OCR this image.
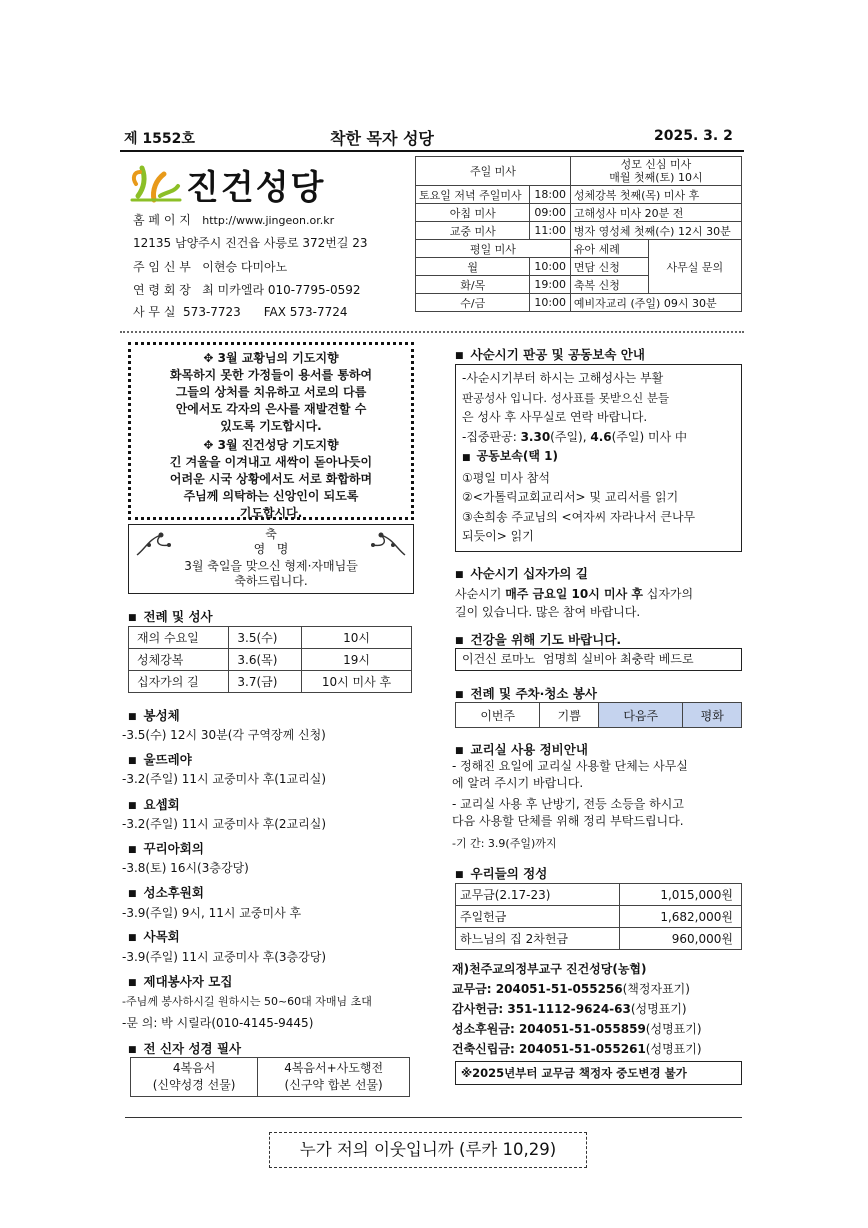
제 1552호	착한 목자 성당	2025. 3. 2
진건성당
홈 페 이 지 http://www.jingeon.or.kr
12135 남양주시 진건읍 사릉로 372번길 23
주 임 신 부 이현승 다미아노
연 령 회 장 최 미카엘라 010-7795-0592
사 무 실 573-7723 FAX 573-7724
주일 미사		성모 신심 미사
매월 첫째(토) 10시	
토요일 저녁 주일미사	18:00	성체강복 첫째(목) 미사 후	
아침 미사	09:00	고해성사 미사 20분 전	
교중 미사	11:00	병자 영성체 첫째(수) 12시 30분	
평일 미사		유아 세례	사무실 문의
월	10:00	면담 신청	
화/목	19:00	축복 신청	
수/금	10:00	예비자교리 (주일) 09시 30분	
✥ 3월 교황님의 기도지향
화목하지 못한 가정들이 용서를 통하여
그들의 상처를 치유하고 서로의 다름
안에서도 각자의 은사를 재발견할 수
있도록 기도합시다.
✥ 3월 진건성당 기도지향
긴 겨울을 이겨내고 새싹이 돋아나듯이
어려운 시국 상황에서도 서로 화합하며
주님께 의탁하는 신앙인이 되도록
기도합시다.
축
영   명
3월 축일을 맞으신 형제·자매님들
축하드립니다.
■ 전례 및 성사
재의 수요일	3.5(수)	10시
성체강복	3.6(목)	19시
십자가의 길	3.7(금)	10시 미사 후
■ 봉성체
-3.5(수) 12시 30분(각 구역장께 신청)
■ 울뜨레야
-3.2(주일) 11시 교중미사 후(1교리실)
■ 요셉회
-3.2(주일) 11시 교중미사 후(2교리실)
■ 꾸리아회의
-3.8(토) 16시(3층강당)
■ 성소후원회
-3.9(주일) 9시, 11시 교중미사 후
■ 사목회
-3.9(주일) 11시 교중미사 후(3층강당)
■ 제대봉사자 모집
-주님께 봉사하시길 원하시는 50~60대 자매님 초대
-문 의: 박 시릴라(010-4145-9445)
■ 전 신자 성경 필사
4복음서
(신약성경 선물)

4복음서+사도행전
(신구약 합본 선물)
■ 사순시기 판공 및 공동보속 안내
-사순시기부터 하시는 고해성사는 부활
판공성사 입니다. 성사표를 못받으신 분들
은 성사 후 사무실로 연락 바랍니다.
-집중판공: 3.30(주일), 4.6(주일) 미사 中
■ 공동보속(택 1)
①평일 미사 참석
②<가톨릭교회교리서> 및 교리서를 읽기
③손희송 주교님의 <여자씨 자라나서 큰나무
되듯이> 읽기
■ 사순시기 십자가의 길
사순시기 매주 금요일 10시 미사 후 십자가의
길이 있습니다. 많은 참여 바랍니다.
■ 건강을 위해 기도 바랍니다.
이건신 로마노  엄명희 실비아 최충락 베드로
■ 전례 및 주차·청소 봉사
이번주	기쁨	다음주	평화
■ 교리실 사용 정비안내
- 정해진 요일에 교리실 사용할 단체는 사무실
에 알려 주시기 바랍니다.
- 교리실 사용 후 난방기, 전등 소등을 하시고
다음 사용할 단체를 위해 정리 부탁드립니다.
-기 간: 3.9(주일)까지
■ 우리들의 정성
교무금(2.17-23)	1,015,000원
주일헌금	1,682,000원
하느님의 집 2차헌금	960,000원
재)천주교의정부교구 진건성당(농협)
교무금: 204051-51-055256(책정자표기)
감사헌금: 351-1112-9624-63(성명표기)
성소후원금: 204051-51-055859(성명표기)
건축신립금: 204051-51-055261(성명표기)
※2025년부터 교무금 책정자 중도변경 불가
누가 저의 이웃입니까 (루카 10,29)
